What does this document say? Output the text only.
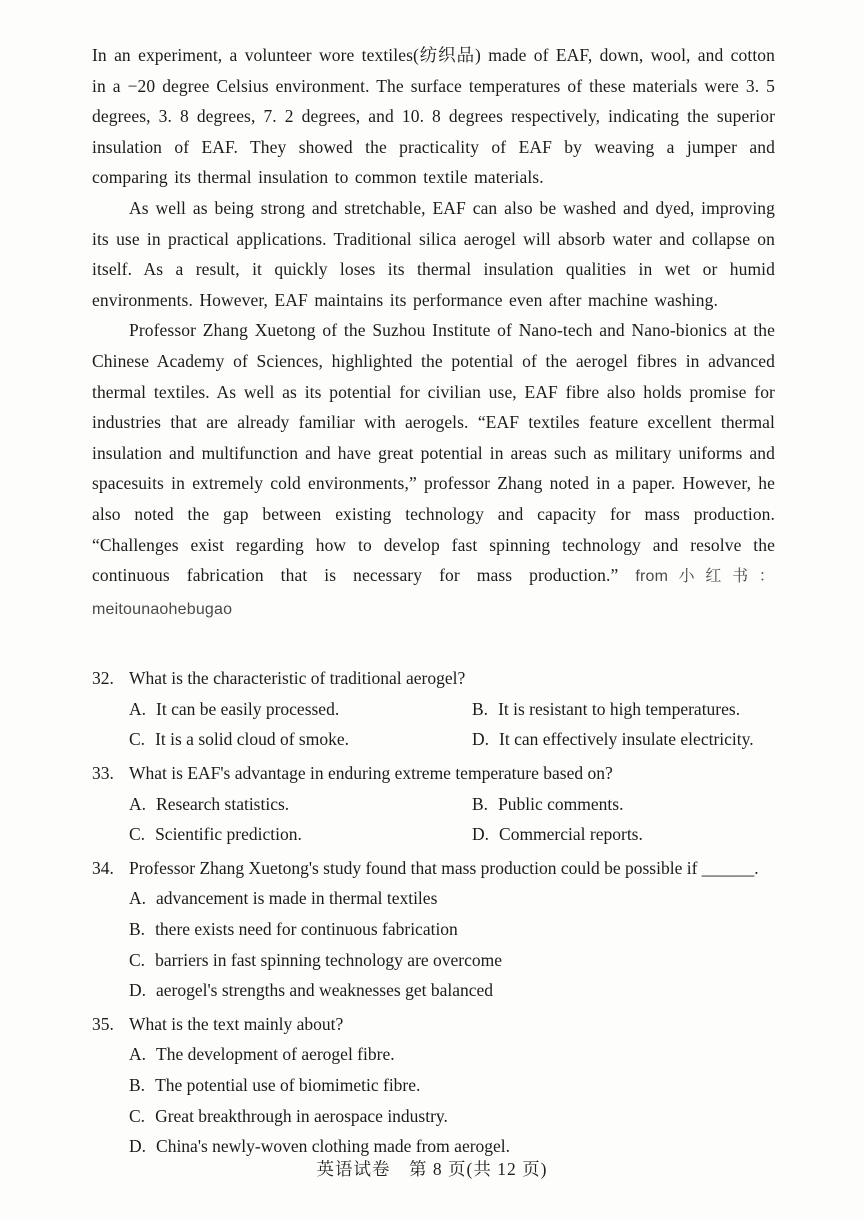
In an experiment, a volunteer wore textiles(纺织品) made of EAF, down, wool, and cotton in a −20 degree Celsius environment. The surface temperatures of these materials were 3. 5 degrees, 3. 8 degrees, 7. 2 degrees, and 10. 8 degrees respectively, indicating the superior insulation of EAF. They showed the practicality of EAF by weaving a jumper and comparing its thermal insulation to common textile materials.

As well as being strong and stretchable, EAF can also be washed and dyed, improving its use in practical applications. Traditional silica aerogel will absorb water and collapse on itself. As a result, it quickly loses its thermal insulation qualities in wet or humid environments. However, EAF maintains its performance even after machine washing.

Professor Zhang Xuetong of the Suzhou Institute of Nano-tech and Nano-bionics at the Chinese Academy of Sciences, highlighted the potential of the aerogel fibres in advanced thermal textiles. As well as its potential for civilian use, EAF fibre also holds promise for industries that are already familiar with aerogels. “EAF textiles feature excellent thermal insulation and multifunction and have great potential in areas such as military uniforms and spacesuits in extremely cold environments,” professor Zhang noted in a paper. However, he also noted the gap between existing technology and capacity for mass production. “Challenges exist regarding how to develop fast spinning technology and resolve the continuous fabrication that is necessary for mass production.” from小红书：meitounaohebugao

32. What is the characteristic of traditional aerogel?
A. It can be easily processed.	B. It is resistant to high temperatures.
C. It is a solid cloud of smoke.	D. It can effectively insulate electricity.
33. What is EAF's advantage in enduring extreme temperature based on?
A. Research statistics.	B. Public comments.
C. Scientific prediction.	D. Commercial reports.
34. Professor Zhang Xuetong's study found that mass production could be possible if ______.
A. advancement is made in thermal textiles
B. there exists need for continuous fabrication
C. barriers in fast spinning technology are overcome
D. aerogel's strengths and weaknesses get balanced
35. What is the text mainly about?
A. The development of aerogel fibre.
B. The potential use of biomimetic fibre.
C. Great breakthrough in aerospace industry.
D. China's newly-woven clothing made from aerogel.
英语试卷　第 8 页(共 12 页)
